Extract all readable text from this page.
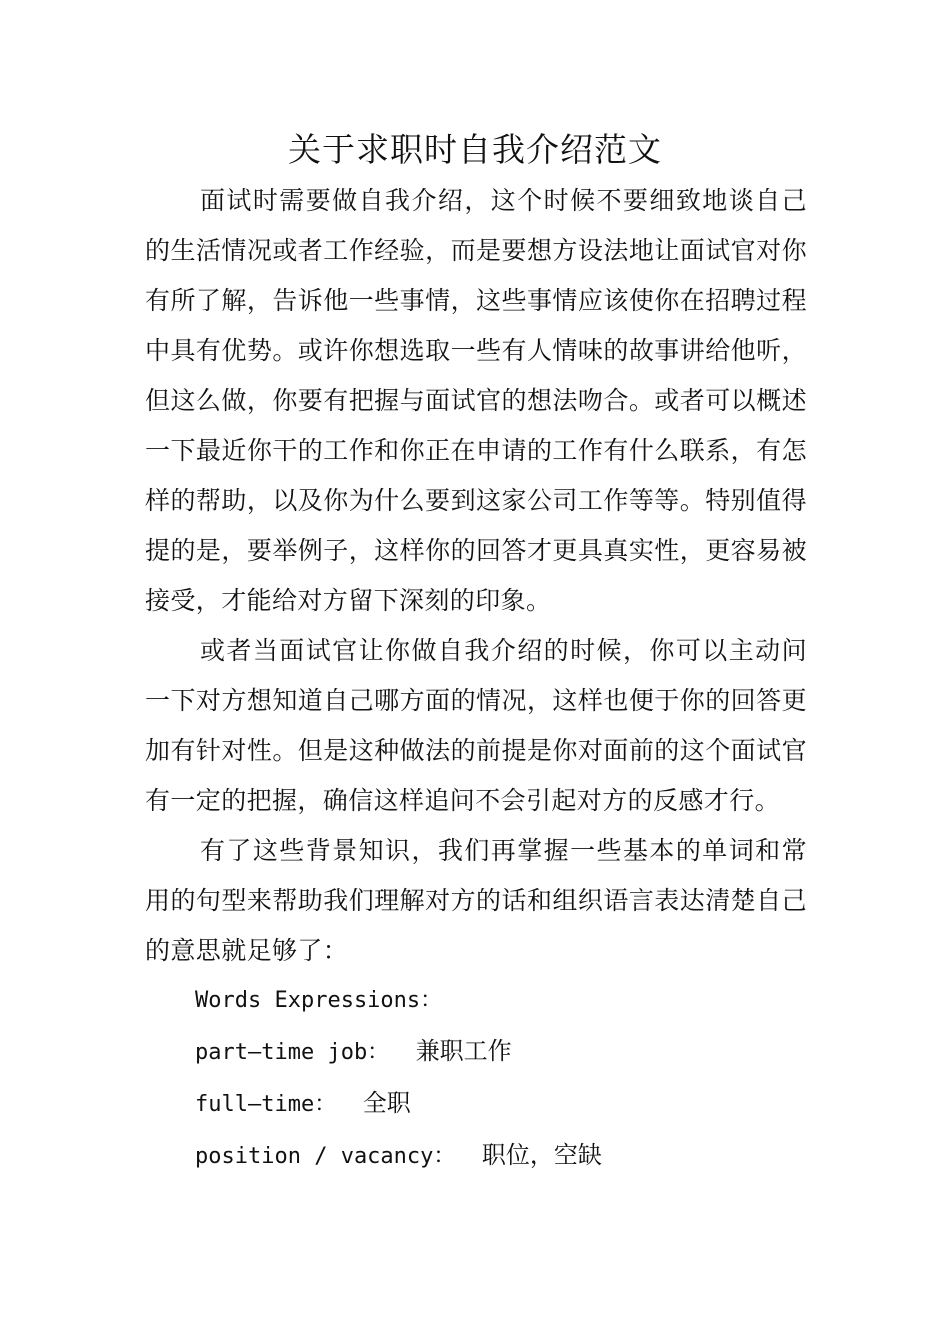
关于求职时自我介绍范文

面试时需要做自我介绍，这个时候不要细致地谈自己的生活情况或者工作经验，而是要想方设法地让面试官对你有所了解，告诉他一些事情，这些事情应该使你在招聘过程中具有优势。或许你想选取一些有人情味的故事讲给他听，但这么做，你要有把握与面试官的想法吻合。或者可以概述一下最近你干的工作和你正在申请的工作有什么联系，有怎样的帮助，以及你为什么要到这家公司工作等等。特别值得提的是，要举例子，这样你的回答才更具真实性，更容易被接受，才能给对方留下深刻的印象。

或者当面试官让你做自我介绍的时候，你可以主动问一下对方想知道自己哪方面的情况，这样也便于你的回答更加有针对性。但是这种做法的前提是你对面前的这个面试官有一定的把握，确信这样追问不会引起对方的反感才行。

有了这些背景知识，我们再掌握一些基本的单词和常用的句型来帮助我们理解对方的话和组织语言表达清楚自己的意思就足够了：

Words Expressions：

part—time job： 兼职工作

full—time： 全职

position / vacancy： 职位，空缺
